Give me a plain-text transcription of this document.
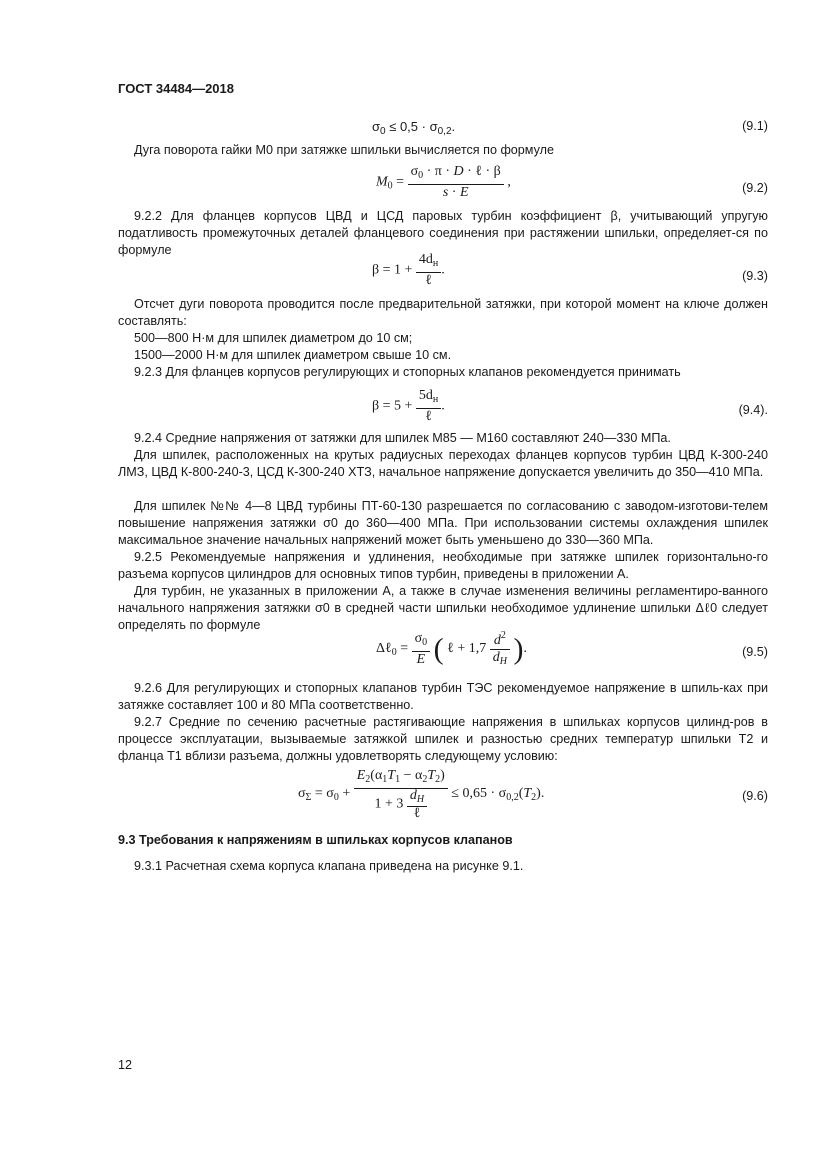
ГОСТ 34484—2018
$\sigma_0 \le 0,5 \cdot \sigma_{0,2}$.	(9.1)
Дуга поворота гайки M0 при затяжке шпильки вычисляется по формуле
$M_0 = \frac{\sigma_0 \cdot \pi \cdot D \cdot \ell \cdot \beta}{s \cdot E}$ ,	(9.2)
9.2.2 Для фланцев корпусов ЦВД и ЦСД паровых турбин коэффициент β, учитывающий упругую податливость промежуточных деталей фланцевого соединения при растяжении шпильки, определяет-ся по формуле
$\beta = 1 + \frac{4d_н}{\text{ℓ}}$ .	(9.3)
Отсчет дуги поворота проводится после предварительной затяжки, при которой момент на ключе должен составлять:
500—800 Н·м для шпилек диаметром до 10 см;
1500—2000 Н·м для шпилек диаметром свыше 10 см.
9.2.3 Для фланцев корпусов регулирующих и стопорных клапанов рекомендуется принимать
$\beta = 5 + \frac{5d_н}{\text{ℓ}}$ .	(9.4).
9.2.4 Средние напряжения от затяжки для шпилек М85 — М160 составляют 240—330 МПа.
Для шпилек, расположенных на крутых радиусных переходах фланцев корпусов турбин ЦВД К-300-240 ЛМЗ, ЦВД К-800-240-3, ЦСД К-300-240 ХТЗ, начальное напряжение допускается увеличить до 350—410 МПа.
Для шпилек №№ 4—8 ЦВД турбины ПТ-60-130 разрешается по согласованию с заводом-изготови-телем повышение напряжения затяжки σ0 до 360—400 МПа. При использовании системы охлаждения шпилек максимальное значение начальных напряжений может быть уменьшено до 330—360 МПа.
9.2.5 Рекомендуемые напряжения и удлинения, необходимые при затяжке шпилек горизонтально-го разъема корпусов цилиндров для основных типов турбин, приведены в приложении А.
Для турбин, не указанных в приложении А, а также в случае изменения величины регламентиро-ванного начального напряжения затяжки σ0 в средней части шпильки необходимое удлинение шпильки Δℓ0 следует определять по формуле
Δℓ$_0$ = $\frac{\sigma_0}{E}$ ( ℓ + $1,7 \frac{d^2}{d_H}$ ).	(9.5)
9.2.6 Для регулирующих и стопорных клапанов турбин ТЭС рекомендуемое напряжение в шпиль-ках при затяжке составляет 100 и 80 МПа соответственно.
9.2.7 Средние по сечению расчетные растягивающие напряжения в шпильках корпусов цилинд-ров в процессе эксплуатации, вызываемые затяжкой шпилек и разностью средних температур шпильки T2 и фланца T1 вблизи разъема, должны удовлетворять следующему условию:
$\sigma_\Sigma = \sigma_0 + \frac{E_2(\alpha_1T_1 - \alpha_2T_2)}{1 + 3 \frac{d_H}{\text{ℓ}}} \le 0,65 \cdot \sigma_{0,2}(T_2)$.	(9.6)
9.3 Требования к напряжениям в шпильках корпусов клапанов
9.3.1 Расчетная схема корпуса клапана приведена на рисунке 9.1.
12
